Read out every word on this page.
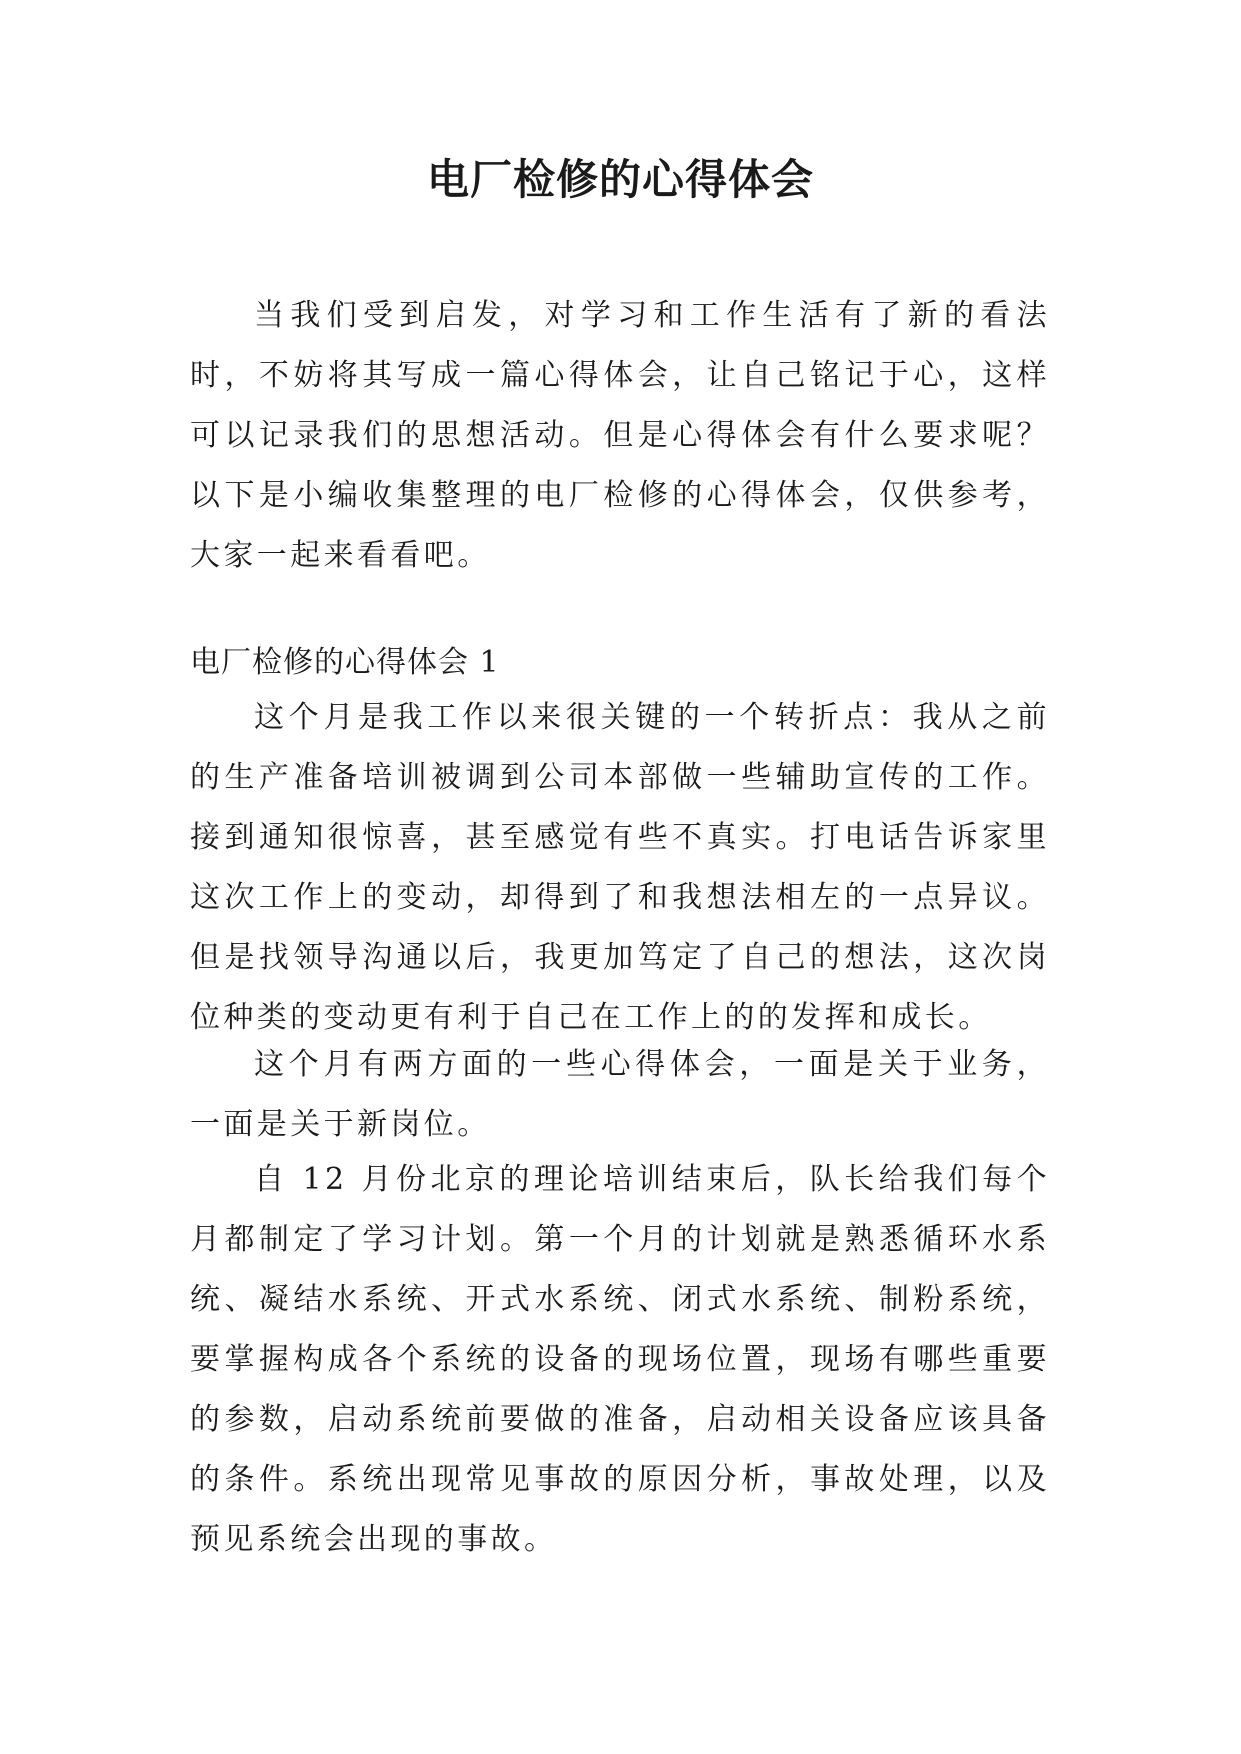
电厂检修的心得体会

当我们受到启发，对学习和工作生活有了新的看法时，不妨将其写成一篇心得体会，让自己铭记于心，这样可以记录我们的思想活动。但是心得体会有什么要求呢？以下是小编收集整理的电厂检修的心得体会，仅供参考，大家一起来看看吧。

电厂检修的心得体会 1

这个月是我工作以来很关键的一个转折点：我从之前的生产准备培训被调到公司本部做一些辅助宣传的工作。接到通知很惊喜，甚至感觉有些不真实。打电话告诉家里这次工作上的变动，却得到了和我想法相左的一点异议。但是找领导沟通以后，我更加笃定了自己的想法，这次岗位种类的变动更有利于自己在工作上的的发挥和成长。

这个月有两方面的一些心得体会，一面是关于业务，一面是关于新岗位。

自 12 月份北京的理论培训结束后，队长给我们每个月都制定了学习计划。第一个月的计划就是熟悉循环水系统、凝结水系统、开式水系统、闭式水系统、制粉系统，要掌握构成各个系统的设备的现场位置，现场有哪些重要的参数，启动系统前要做的准备，启动相关设备应该具备的条件。系统出现常见事故的原因分析，事故处理，以及预见系统会出现的事故。
